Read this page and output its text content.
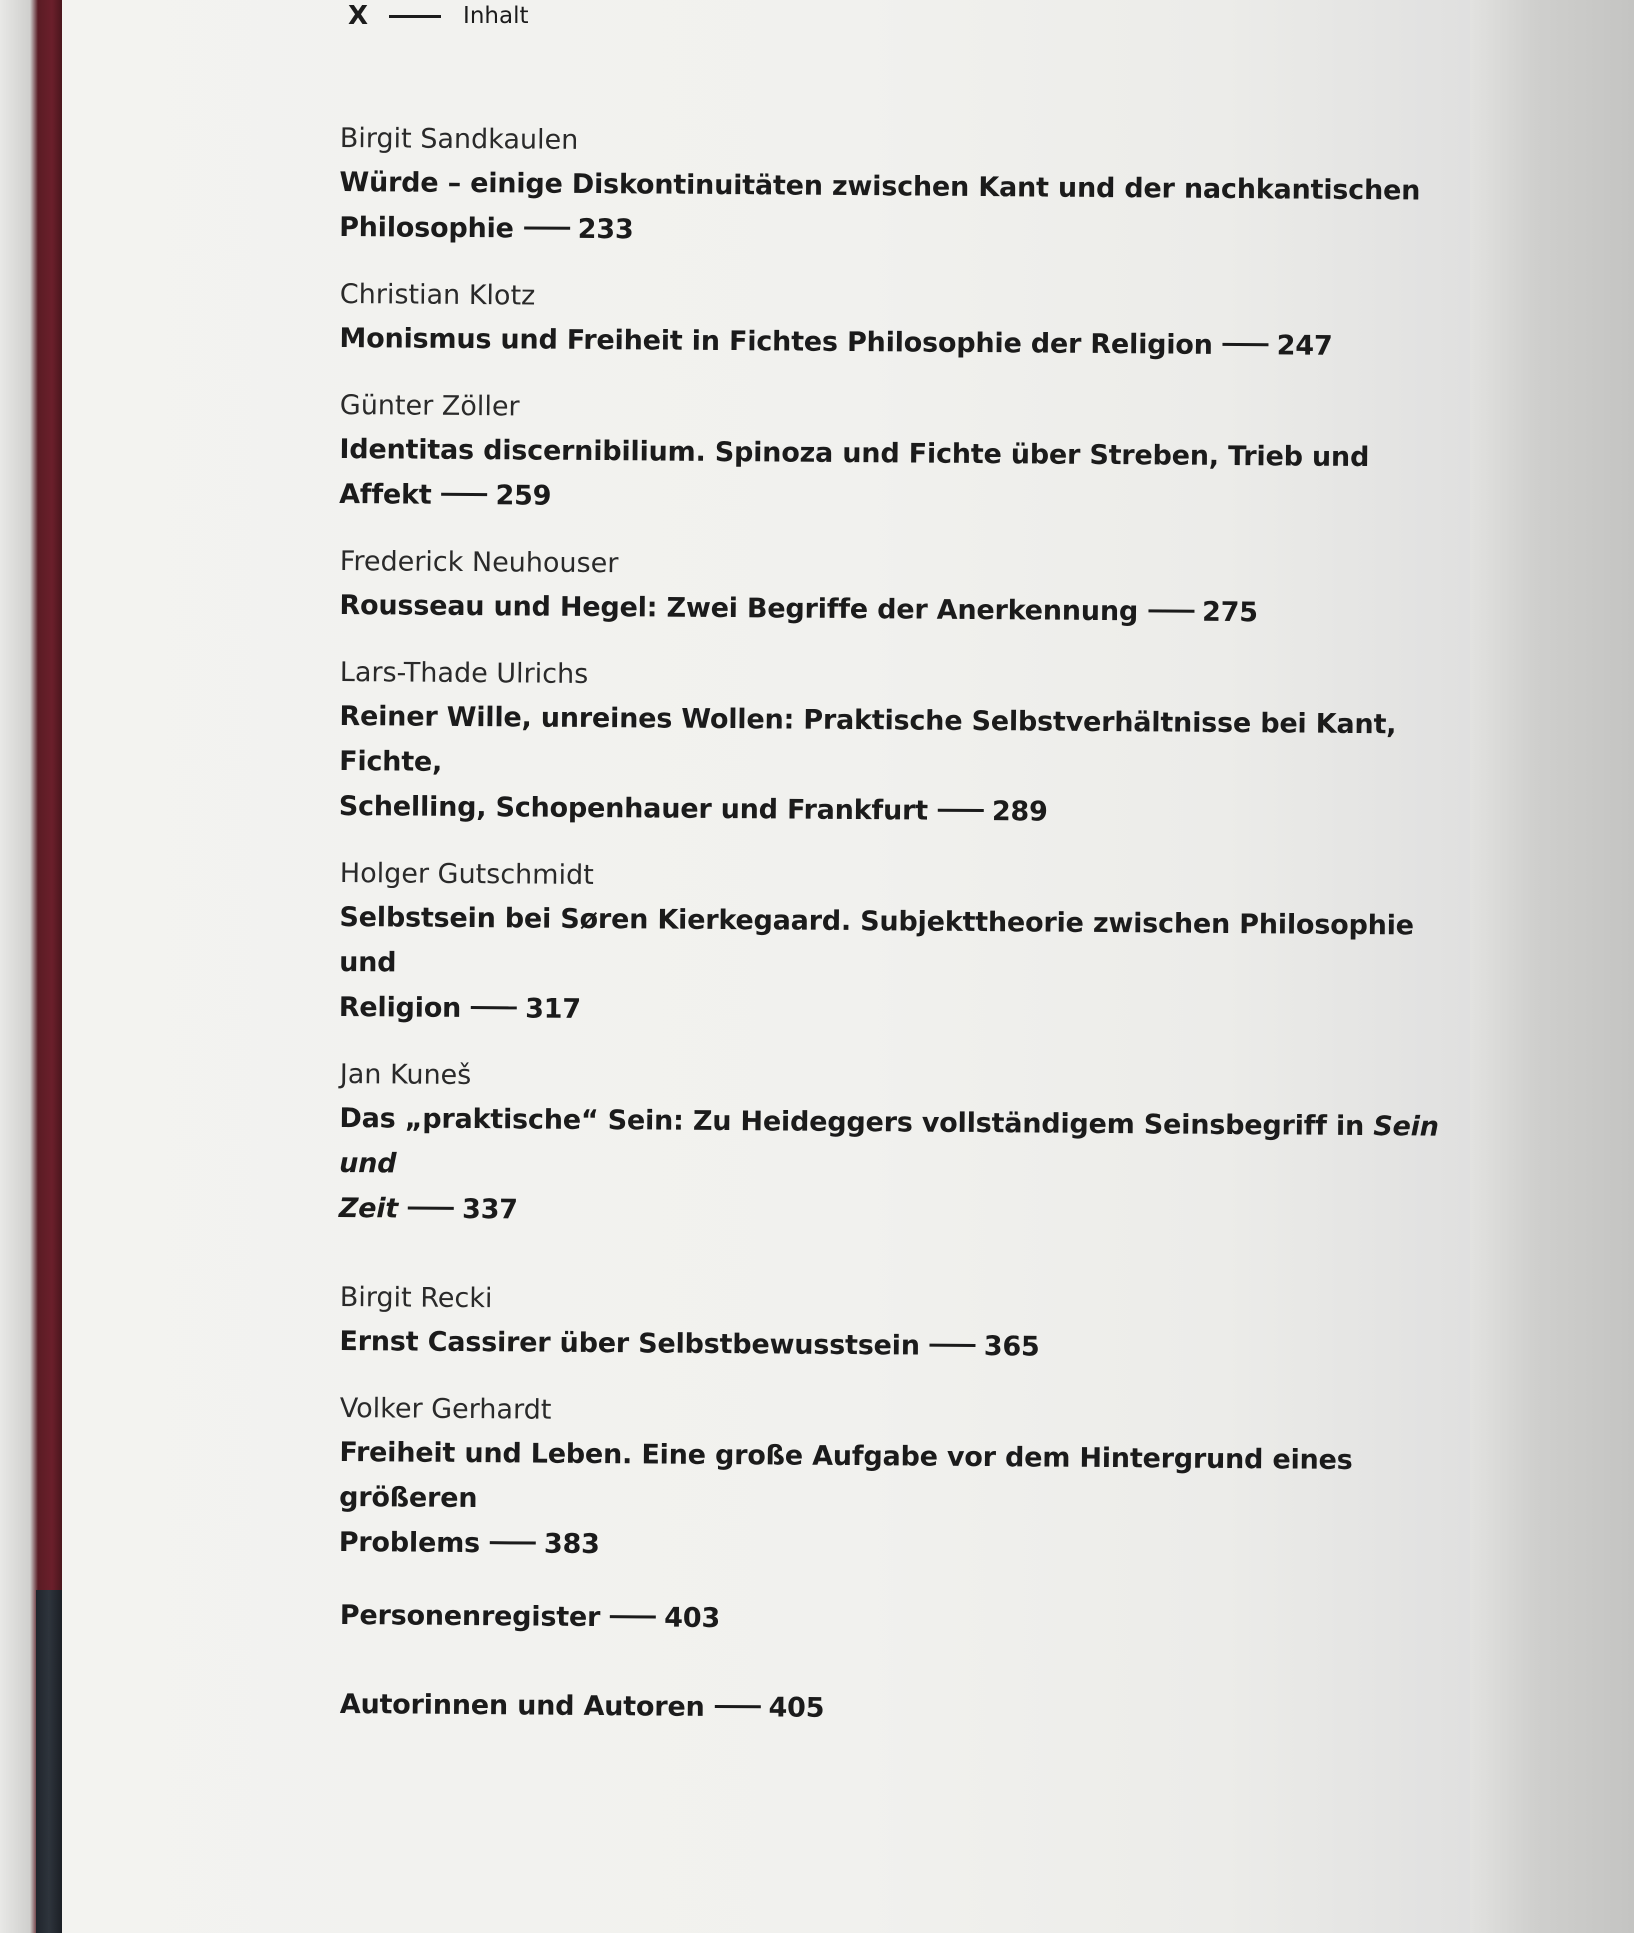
X	Inhalt
Birgit Sandkaulen
Würde – einige Diskontinuitäten zwischen Kant und der nachkantischen
Philosophie 233
Christian Klotz
Monismus und Freiheit in Fichtes Philosophie der Religion 247
Günter Zöller
Identitas discernibilium. Spinoza und Fichte über Streben, Trieb und
Affekt 259
Frederick Neuhouser
Rousseau und Hegel: Zwei Begriffe der Anerkennung 275
Lars-Thade Ulrichs
Reiner Wille, unreines Wollen: Praktische Selbstverhältnisse bei Kant, Fichte,
Schelling, Schopenhauer und Frankfurt 289
Holger Gutschmidt
Selbstsein bei Søren Kierkegaard. Subjekttheorie zwischen Philosophie und
Religion 317
Jan Kuneš
Das „praktische“ Sein: Zu Heideggers vollständigem Seinsbegriff in Sein und
Zeit 337
Birgit Recki
Ernst Cassirer über Selbstbewusstsein 365
Volker Gerhardt
Freiheit und Leben. Eine große Aufgabe vor dem Hintergrund eines größeren
Problems 383
Personenregister 403
Autorinnen und Autoren 405
